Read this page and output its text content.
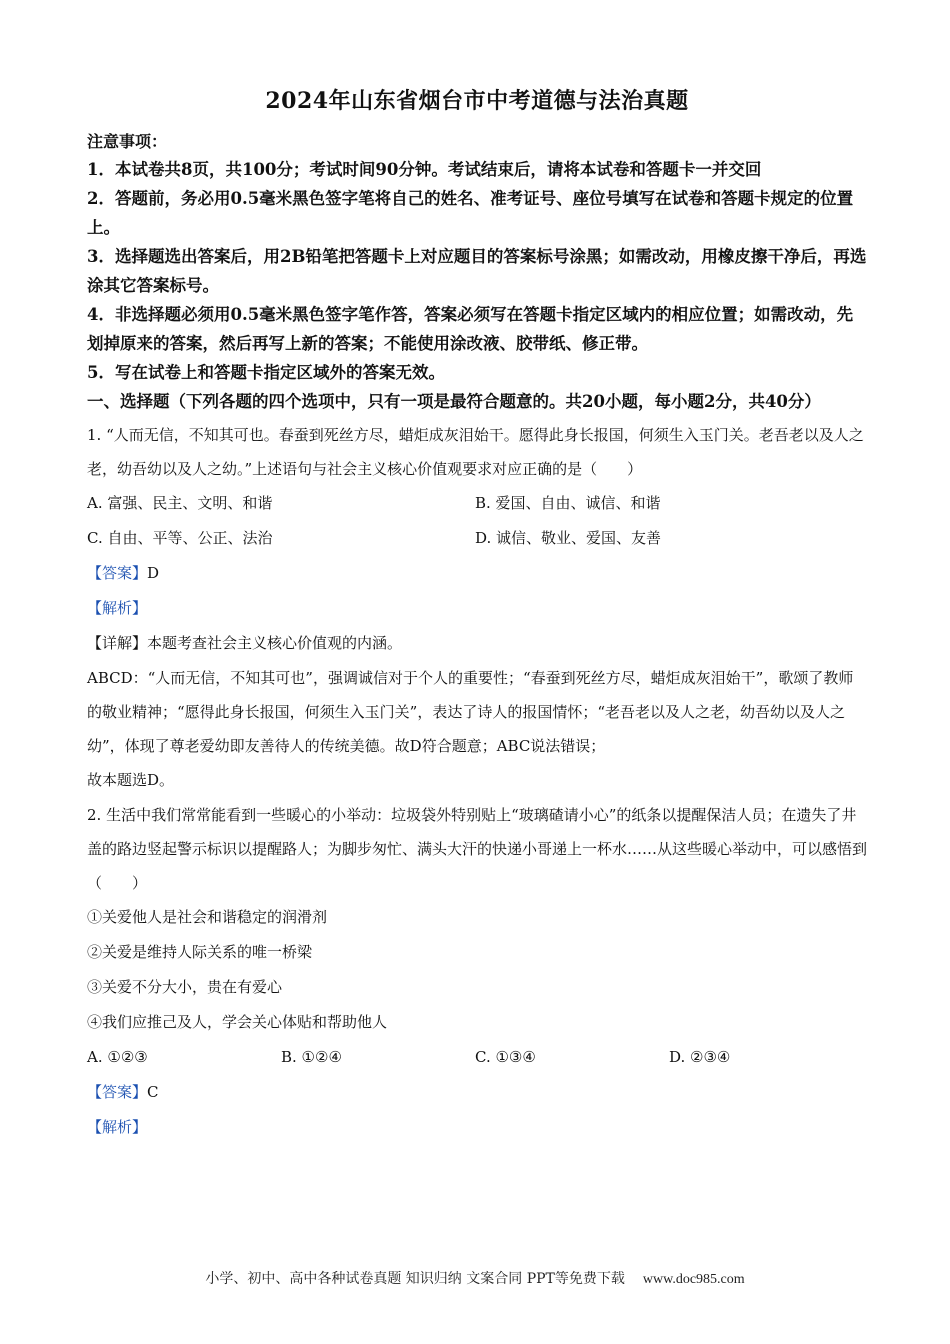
2024年山东省烟台市中考道德与法治真题
注意事项：

1．本试卷共8页，共100分；考试时间90分钟。考试结束后，请将本试卷和答题卡一并交回

2．答题前，务必用0.5毫米黑色签字笔将自己的姓名、准考证号、座位号填写在试卷和答题卡规定的位置上。

3．选择题选出答案后，用2B铅笔把答题卡上对应题目的答案标号涂黑；如需改动，用橡皮擦干净后，再选涂其它答案标号。

4．非选择题必须用0.5毫米黑色签字笔作答，答案必须写在答题卡指定区域内的相应位置；如需改动，先划掉原来的答案，然后再写上新的答案；不能使用涂改液、胶带纸、修正带。

5．写在试卷上和答题卡指定区域外的答案无效。

一、选择题（下列各题的四个选项中，只有一项是最符合题意的。共20小题，每小题2分，共40分）

1. “人而无信，不知其可也。春蚕到死丝方尽，蜡炬成灰泪始干。愿得此身长报国，何须生入玉门关。老吾老以及人之老，幼吾幼以及人之幼。”上述语句与社会主义核心价值观要求对应正确的是（　　）

A. 富强、民主、文明、和谐	B. 爱国、自由、诚信、和谐
C. 自由、平等、公正、法治	D. 诚信、敬业、爱国、友善
【答案】D
【解析】
【详解】本题考查社会主义核心价值观的内涵。

ABCD：“人而无信，不知其可也”，强调诚信对于个人的重要性；“春蚕到死丝方尽，蜡炬成灰泪始干”，歌颂了教师的敬业精神；“愿得此身长报国，何须生入玉门关”，表达了诗人的报国情怀；“老吾老以及人之老，幼吾幼以及人之幼”，体现了尊老爱幼即友善待人的传统美德。故D符合题意；ABC说法错误；

故本题选D。

2. 生活中我们常常能看到一些暖心的小举动：垃圾袋外特别贴上“玻璃碴请小心”的纸条以提醒保洁人员；在遗失了井盖的路边竖起警示标识以提醒路人；为脚步匆忙、满头大汗的快递小哥递上一杯水……从这些暖心举动中，可以感悟到（　　）

①关爱他人是社会和谐稳定的润滑剂
②关爱是维持人际关系的唯一桥梁
③关爱不分大小，贵在有爱心
④我们应推己及人，学会关心体贴和帮助他人
A. ①②③	B. ①②④	C. ①③④	D. ②③④
【答案】C
【解析】
小学、初中、高中各种试卷真题 知识归纳 文案合同 PPT等免费下载 www.doc985.com
